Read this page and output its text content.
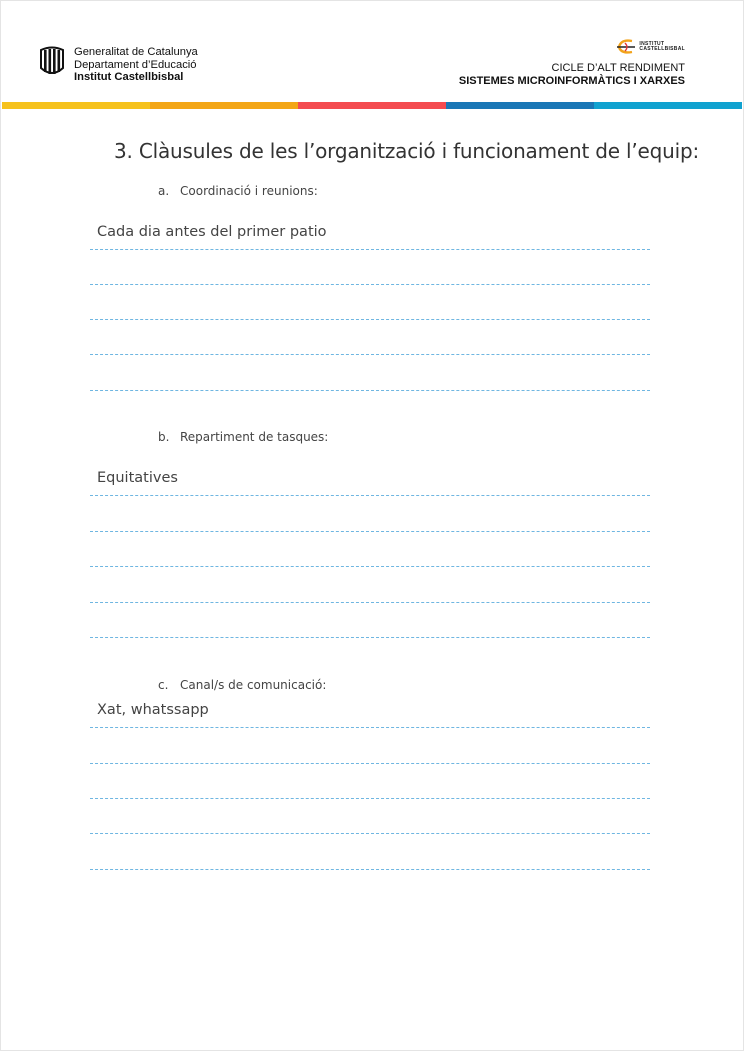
Generalitat de Catalunya
Departament d’Educació
Institut Castellbisbal
INSTITUT
CASTELLBISBAL
CICLE D’ALT RENDIMENT
SISTEMES MICROINFORMÀTICS I XARXES
3. Clàusules de les l’organització i funcionament de l’equip:
a. Coordinació i reunions:
Cada dia antes del primer patio
b. Repartiment de tasques:
Equitatives
c. Canal/s de comunicació:
Xat, whatssapp
